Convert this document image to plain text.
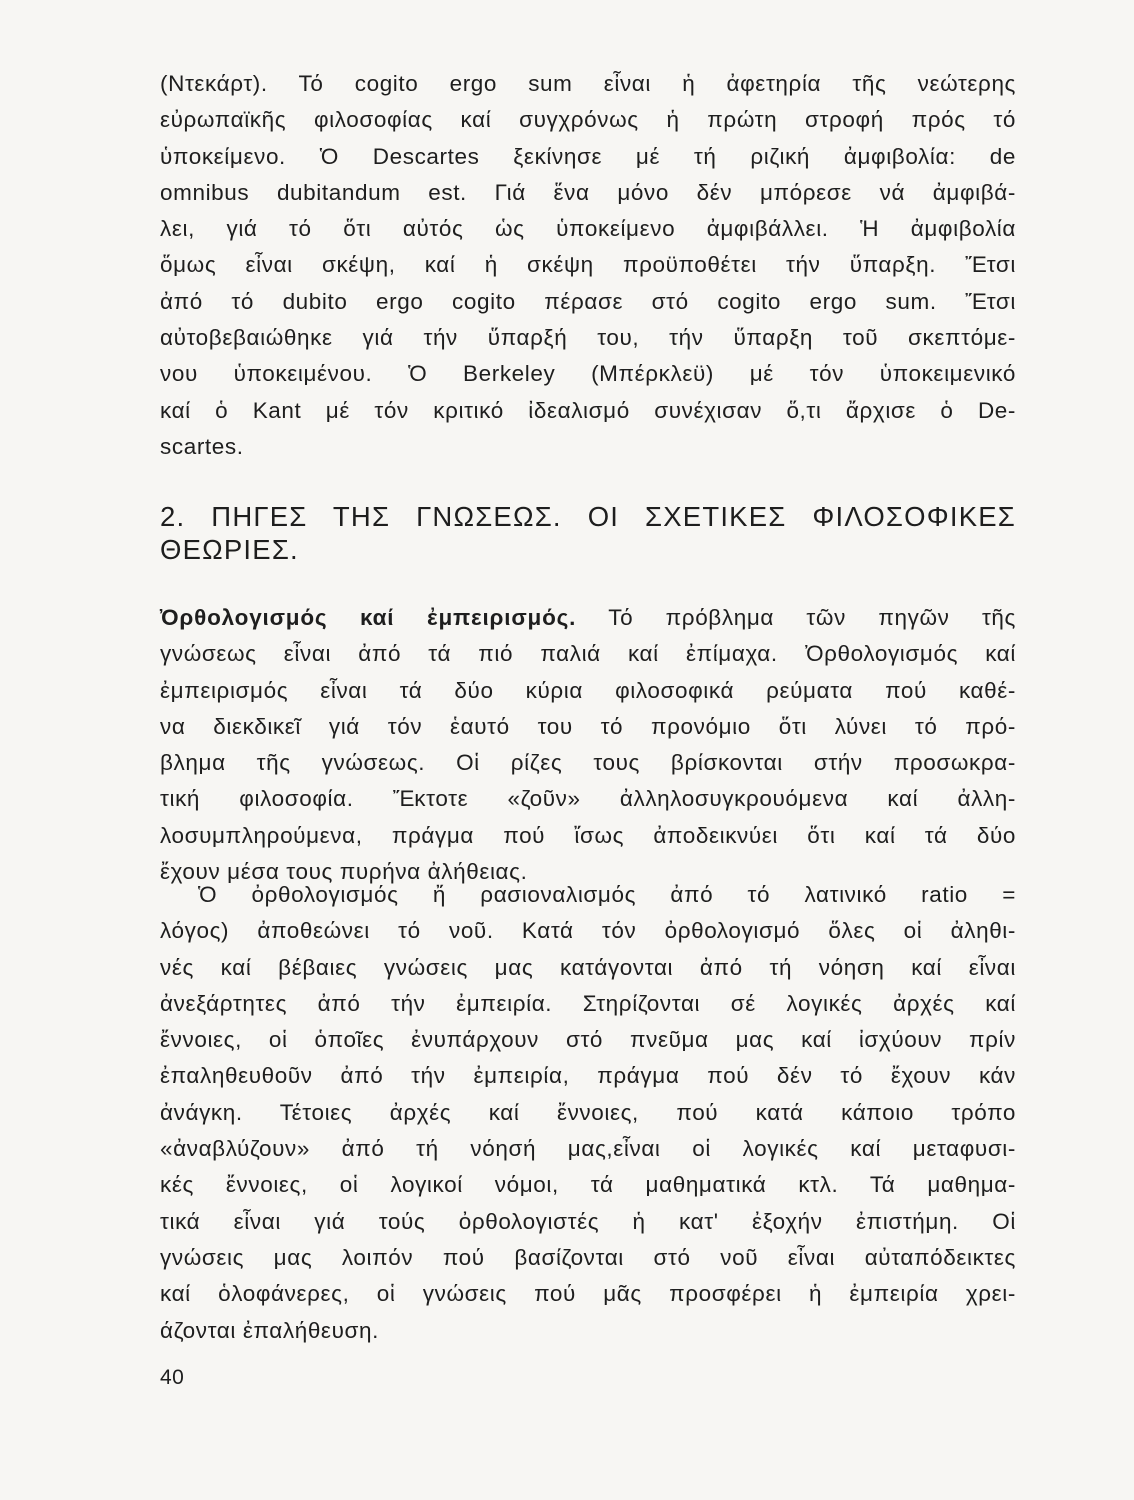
(Ντεκάρτ). Τό cogito ergo sum εἶναι ἡ ἀφετηρία τῆς νεώτερης
εὐρωπαϊκῆς φιλοσοφίας καί συγχρόνως ἡ πρώτη στροφή πρός τό
ὑποκείμενο. Ὁ Descartes ξεκίνησε μέ τή ριζική ἀμφιβολία: de
omnibus dubitandum est. Γιά ἕνα μόνο δέν μπόρεσε νά ἀμφιβά-
λει, γιά τό ὅτι αὐτός ὡς ὑποκείμενο ἀμφιβάλλει. Ἡ ἀμφιβολία
ὅμως εἶναι σκέψη, καί ἡ σκέψη προϋποθέτει τήν ὕπαρξη. Ἔτσι
ἀπό τό dubito ergo cogito πέρασε στό cogito ergo sum. Ἔτσι
αὐτοβεβαιώθηκε γιά τήν ὕπαρξή του, τήν ὕπαρξη τοῦ σκεπτόμε-
νου ὑποκειμένου. Ὁ Berkeley (Μπέρκλεϋ) μέ τόν ὑποκειμενικό
καί ὁ Kant μέ τόν κριτικό ἰδεαλισμό συνέχισαν ὅ,τι ἄρχισε ὁ De-
scartes.
2. ΠΗΓΕΣ ΤΗΣ ΓΝΩΣΕΩΣ. ΟΙ ΣΧΕΤΙΚΕΣ ΦΙΛΟΣΟΦΙΚΕΣ
ΘΕΩΡΙΕΣ.
Ὀρθολογισμός καί ἐμπειρισμός. Τό πρόβλημα τῶν πηγῶν τῆς
γνώσεως εἶναι ἀπό τά πιό παλιά καί ἐπίμαχα. Ὀρθολογισμός καί
ἐμπειρισμός εἶναι τά δύο κύρια φιλοσοφικά ρεύματα πού καθέ-
να διεκδικεῖ γιά τόν ἑαυτό του τό προνόμιο ὅτι λύνει τό πρό-
βλημα τῆς γνώσεως. Οἱ ρίζες τους βρίσκονται στήν προσωκρα-
τική φιλοσοφία. Ἔκτοτε «ζοῦν» ἀλληλοσυγκρουόμενα καί ἀλλη-
λοσυμπληρούμενα, πράγμα πού ἴσως ἀποδεικνύει ὅτι καί τά δύο
ἔχουν μέσα τους πυρήνα ἀλήθειας.
Ὁ ὀρθολογισμός ἤ ρασιοναλισμός ἀπό τό λατινικό ratio =
λόγος) ἀποθεώνει τό νοῦ. Κατά τόν ὀρθολογισμό ὅλες οἱ ἀληθι-
νές καί βέβαιες γνώσεις μας κατάγονται ἀπό τή νόηση καί εἶναι
ἀνεξάρτητες ἀπό τήν ἐμπειρία. Στηρίζονται σέ λογικές ἀρχές καί
ἔννοιες, οἱ ὁποῖες ἐνυπάρχουν στό πνεῦμα μας καί ἰσχύουν πρίν
ἐπαληθευθοῦν ἀπό τήν ἐμπειρία, πράγμα πού δέν τό ἔχουν κάν
ἀνάγκη. Τέτοιες ἀρχές καί ἔννοιες, πού κατά κάποιο τρόπο
«ἀναβλύζουν» ἀπό τή νόησή μας,εἶναι οἱ λογικές καί μεταφυσι-
κές ἔννοιες, οἱ λογικοί νόμοι, τά μαθηματικά κτλ. Τά μαθημα-
τικά εἶναι γιά τούς ὀρθολογιστές ἡ κατ' ἐξοχήν ἐπιστήμη. Οἱ
γνώσεις μας λοιπόν πού βασίζονται στό νοῦ εἶναι αὐταπόδεικτες
καί ὁλοφάνερες, οἱ γνώσεις πού μᾶς προσφέρει ἡ ἐμπειρία χρει-
άζονται ἐπαλήθευση.
40
